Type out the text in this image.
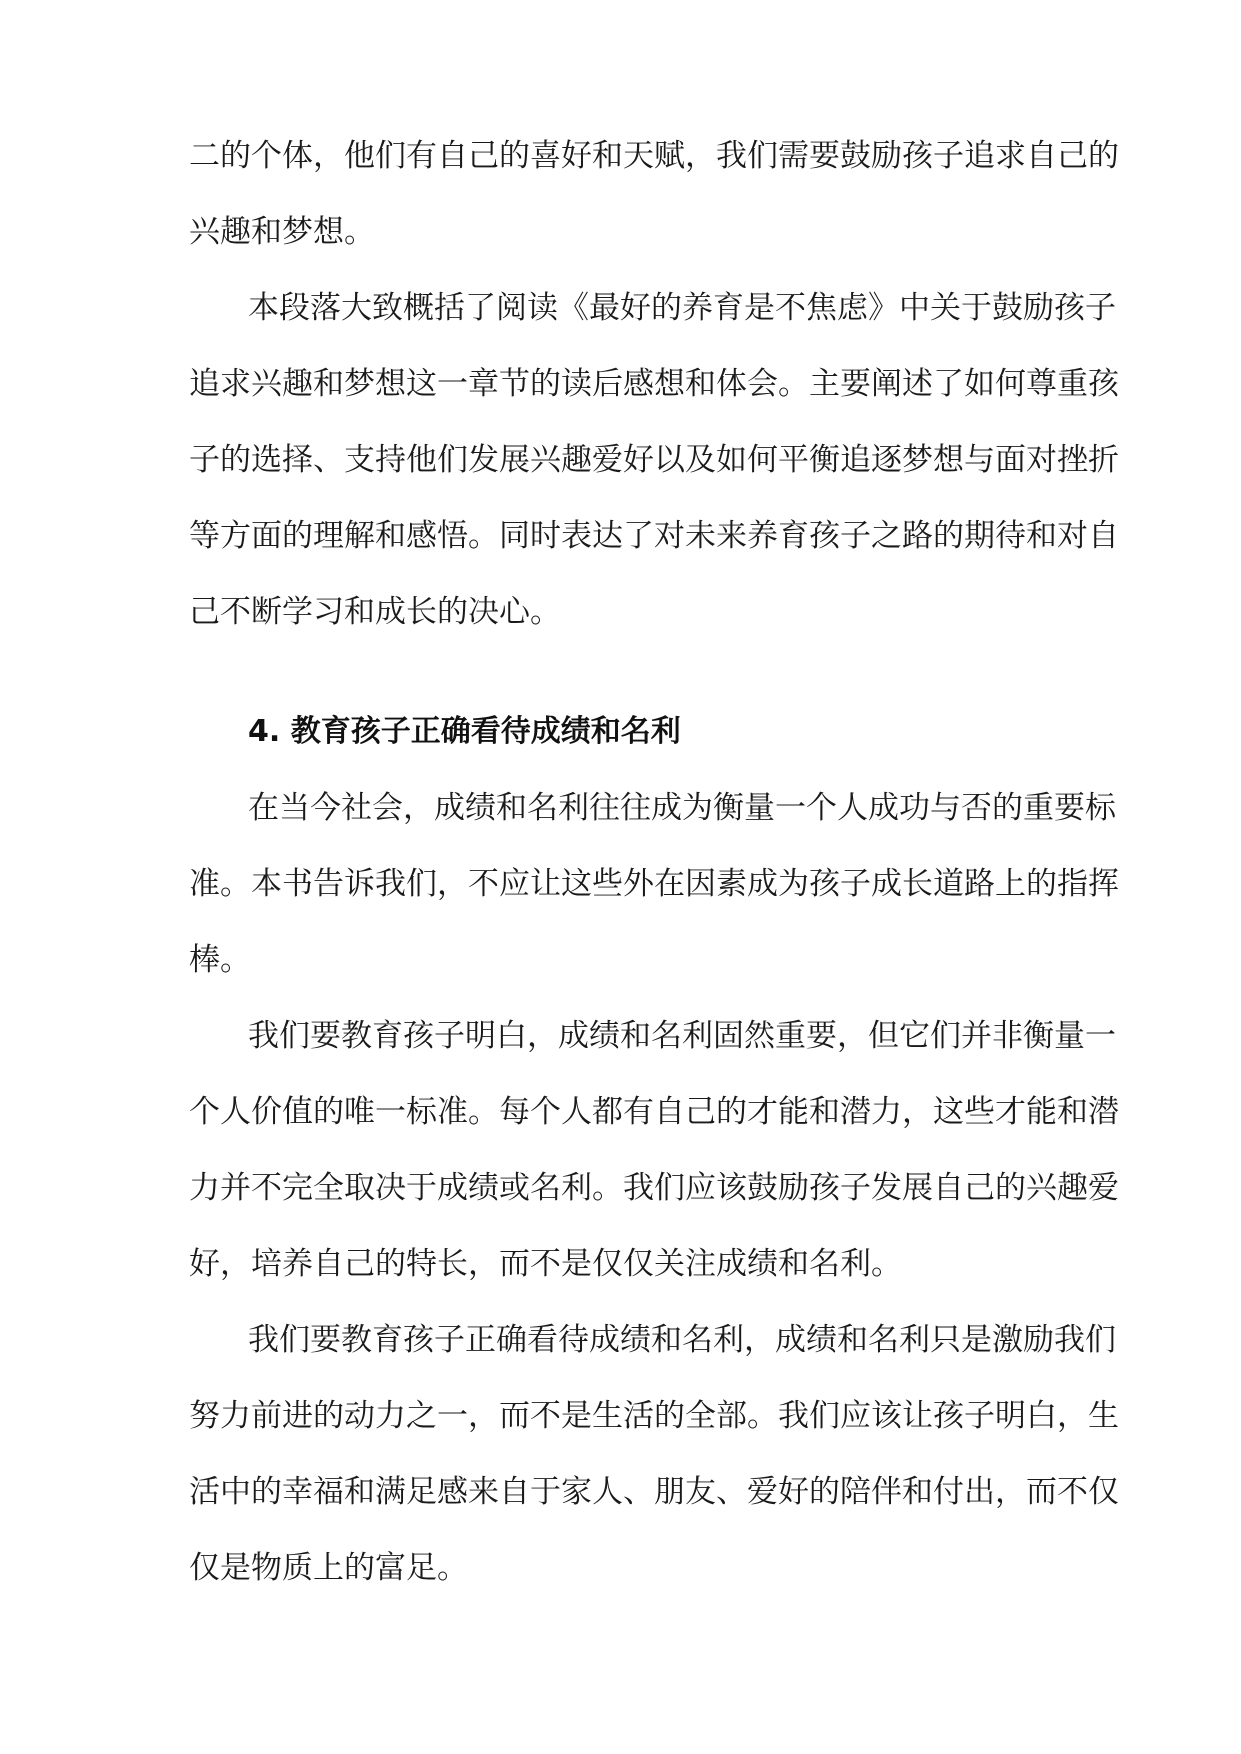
二的个体，他们有自己的喜好和天赋，我们需要鼓励孩子追求自己的
兴趣和梦想。
本段落大致概括了阅读《最好的养育是不焦虑》中关于鼓励孩子
追求兴趣和梦想这一章节的读后感想和体会。主要阐述了如何尊重孩
子的选择、支持他们发展兴趣爱好以及如何平衡追逐梦想与面对挫折
等方面的理解和感悟。同时表达了对未来养育孩子之路的期待和对自
己不断学习和成长的决心。
4. 教育孩子正确看待成绩和名利
在当今社会，成绩和名利往往成为衡量一个人成功与否的重要标
准。本书告诉我们，不应让这些外在因素成为孩子成长道路上的指挥
棒。
我们要教育孩子明白，成绩和名利固然重要，但它们并非衡量一
个人价值的唯一标准。每个人都有自己的才能和潜力，这些才能和潜
力并不完全取决于成绩或名利。我们应该鼓励孩子发展自己的兴趣爱
好，培养自己的特长，而不是仅仅关注成绩和名利。
我们要教育孩子正确看待成绩和名利，成绩和名利只是激励我们
努力前进的动力之一，而不是生活的全部。我们应该让孩子明白，生
活中的幸福和满足感来自于家人、朋友、爱好的陪伴和付出，而不仅
仅是物质上的富足。
